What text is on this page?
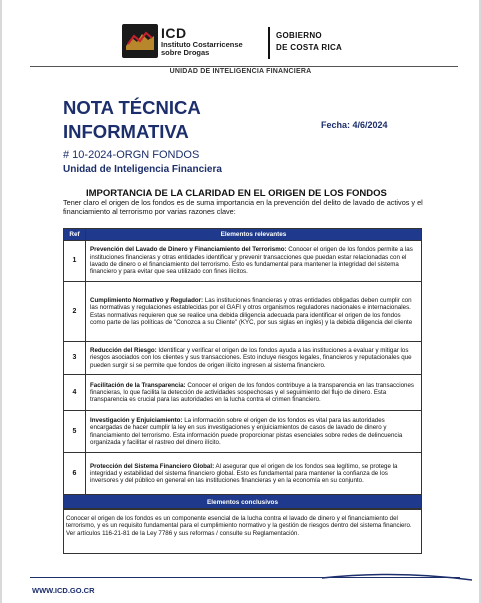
ICD
Instituto Costarricense
sobre Drogas
GOBIERNO
DE COSTA RICA
UNIDAD DE INTELIGENCIA FINANCIERA
NOTA TÉCNICA
INFORMATIVA	Fecha: 4/6/2024
# 10-2024-ORGN FONDOS
Unidad de Inteligencia Financiera
IMPORTANCIA DE LA CLARIDAD EN EL ORIGEN DE LOS FONDOS
Tener claro el origen de los fondos es de suma importancia en la prevención del delito de lavado de activos y el financiamiento al terrorismo por varias razones clave:
Ref	Elementos relevantes
1	Prevención del Lavado de Dinero y Financiamiento del Terrorismo: Conocer el origen de los fondos permite a las instituciones financieras y otras entidades identificar y prevenir transacciones que puedan estar relacionadas con el lavado de dinero o el financiamiento del terrorismo. Esto es fundamental para mantener la integridad del sistema financiero y para evitar que sea utilizado con fines ilícitos.
2	Cumplimiento Normativo y Regulador: Las instituciones financieras y otras entidades obligadas deben cumplir con las normativas y regulaciones establecidas por el GAFI y otros organismos reguladores nacionales e internacionales. Estas normativas requieren que se realice una debida diligencia adecuada para identificar el origen de los fondos como parte de las políticas de "Conozca a su Cliente" (KYC, por sus siglas en inglés) y la debida diligencia del cliente
3	Reducción del Riesgo: Identificar y verificar el origen de los fondos ayuda a las instituciones a evaluar y mitigar los riesgos asociados con los clientes y sus transacciones. Esto incluye riesgos legales, financieros y reputacionales que pueden surgir si se permite que fondos de origen ilícito ingresen al sistema financiero.
4	Facilitación de la Transparencia: Conocer el origen de los fondos contribuye a la transparencia en las transacciones financieras, lo que facilita la detección de actividades sospechosas y el seguimiento del flujo de dinero. Esta transparencia es crucial para las autoridades en la lucha contra el crimen financiero.
5	Investigación y Enjuiciamiento: La información sobre el origen de los fondos es vital para las autoridades encargadas de hacer cumplir la ley en sus investigaciones y enjuiciamientos de casos de lavado de dinero y financiamiento del terrorismo. Esta información puede proporcionar pistas esenciales sobre redes de delincuencia organizada y facilitar el rastreo del dinero ilícito.
6	Protección del Sistema Financiero Global: Al asegurar que el origen de los fondos sea legítimo, se protege la integridad y estabilidad del sistema financiero global. Esto es fundamental para mantener la confianza de los inversores y del público en general en las instituciones financieras y en la economía en su conjunto.
Elementos conclusivos
Conocer el origen de los fondos es un componente esencial de la lucha contra el lavado de dinero y el financiamiento del terrorismo, y es un requisito fundamental para el cumplimiento normativo y la gestión de riesgos dentro del sistema financiero.
Ver artículos 116-21-81 de la Ley 7786 y sus reformas / consulte su Reglamentación.
WWW.ICD.GO.CR
